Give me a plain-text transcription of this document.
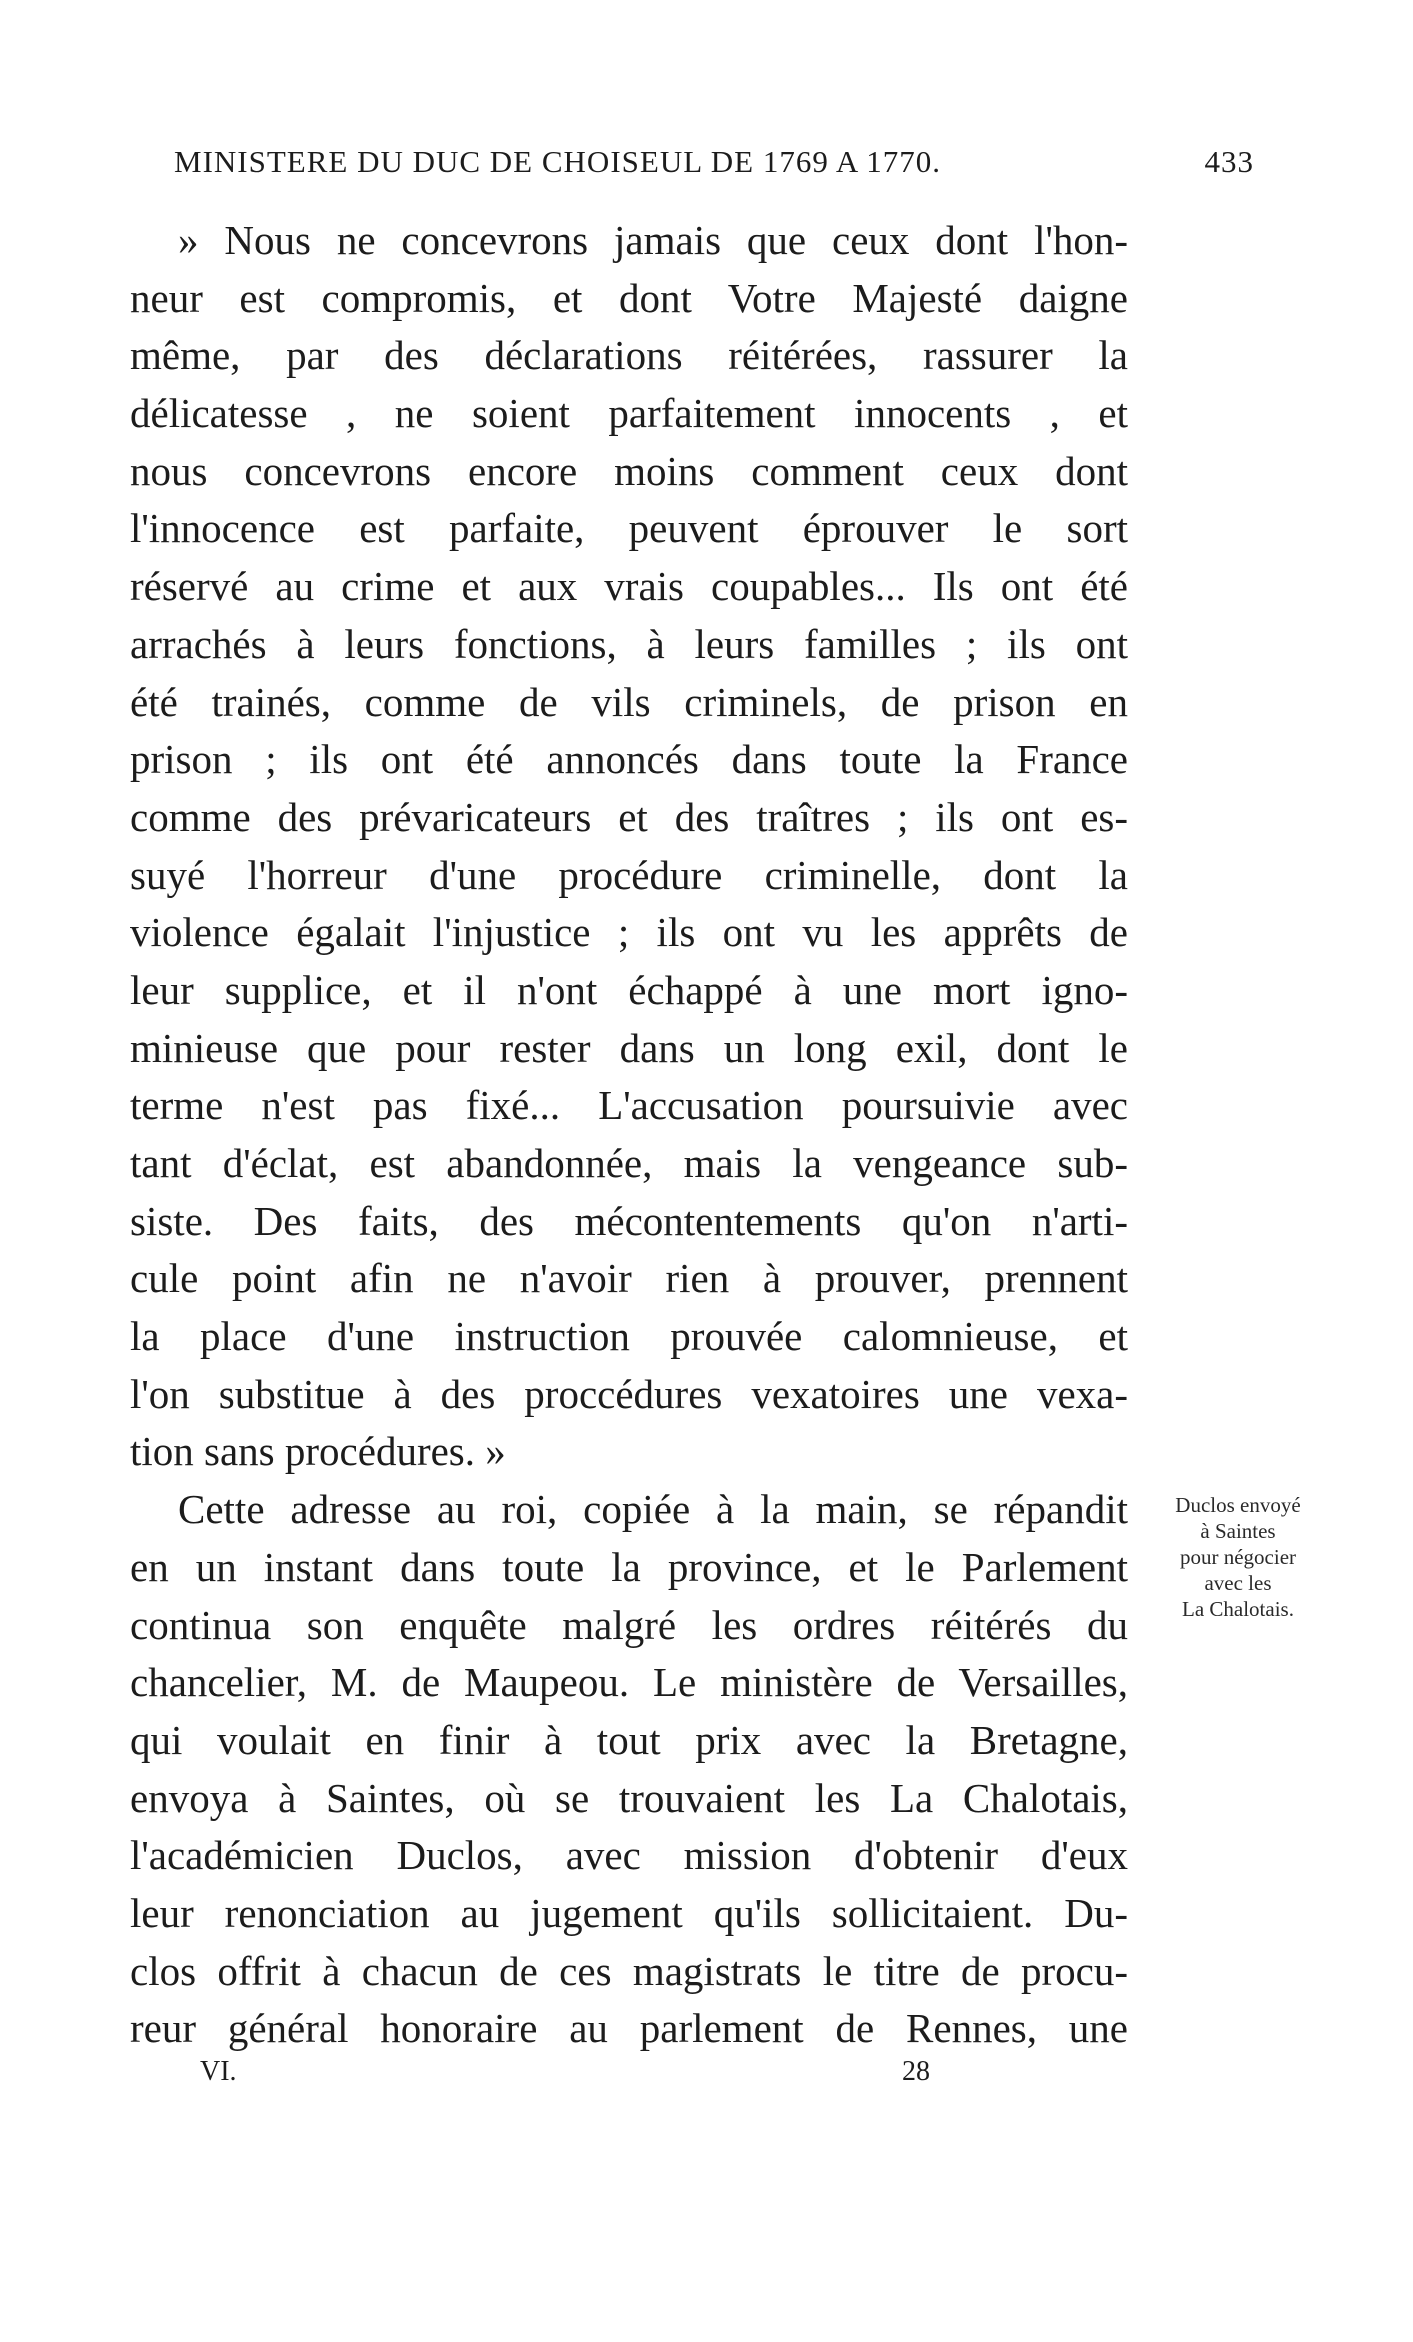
MINISTERE DU DUC DE CHOISEUL DE 1769 A 1770.	433
» Nous ne concevrons jamais que ceux dont l'hon-
neur est compromis, et dont Votre Majesté daigne
même, par des déclarations réitérées, rassurer la
délicatesse , ne soient parfaitement innocents , et
nous concevrons encore moins comment ceux dont
l'innocence est parfaite, peuvent éprouver le sort
réservé au crime et aux vrais coupables... Ils ont été
arrachés à leurs fonctions, à leurs familles ; ils ont
été trainés, comme de vils criminels, de prison en
prison ; ils ont été annoncés dans toute la France
comme des prévaricateurs et des traîtres ; ils ont es-
suyé l'horreur d'une procédure criminelle, dont la
violence égalait l'injustice ; ils ont vu les apprêts de
leur supplice, et il n'ont échappé à une mort igno-
minieuse que pour rester dans un long exil, dont le
terme n'est pas fixé... L'accusation poursuivie avec
tant d'éclat, est abandonnée, mais la vengeance sub-
siste. Des faits, des mécontentements qu'on n'arti-
cule point afin ne n'avoir rien à prouver, prennent
la place d'une instruction prouvée calomnieuse, et
l'on substitue à des proccédures vexatoires une vexa-
tion sans procédures. »
Cette adresse au roi, copiée à la main, se répandit
en un instant dans toute la province, et le Parlement
continua son enquête malgré les ordres réitérés du
chancelier, M. de Maupeou. Le ministère de Versailles,
qui voulait en finir à tout prix avec la Bretagne,
envoya à Saintes, où se trouvaient les La Chalotais,
l'académicien Duclos, avec mission d'obtenir d'eux
leur renonciation au jugement qu'ils sollicitaient. Du-
clos offrit à chacun de ces magistrats le titre de procu-
reur général honoraire au parlement de Rennes, une
Duclos envoyé
à Saintes
pour négocier
avec les
La Chalotais.
VI.	28
